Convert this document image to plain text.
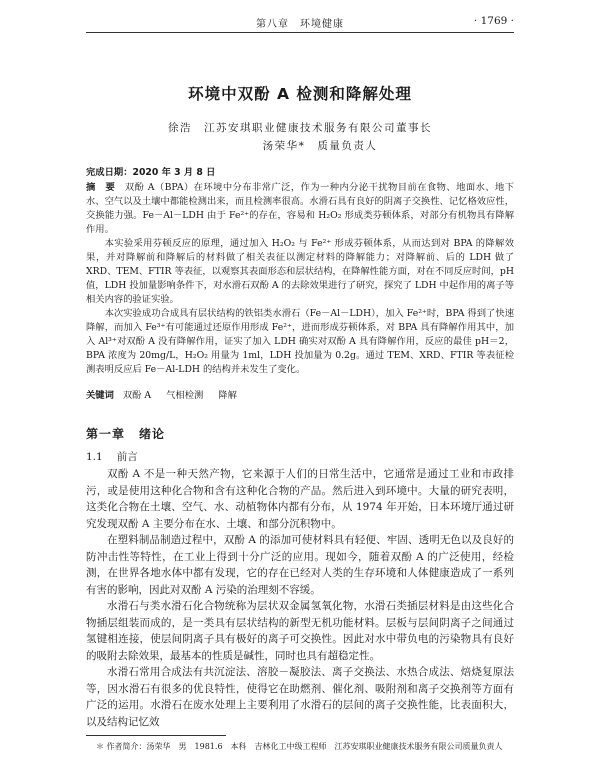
第八章　环境健康	· 1769 ·
环境中双酚 A 检测和降解处理
徐浩　江苏安琪职业健康技术服务有限公司董事长
汤荣华*　质量负责人
完成日期：2020 年 3 月 8 日

摘　要　 双酚 A（BPA）在环境中分布非常广泛，作为一种内分泌干扰物目前在食物、地面水、地下水、空气以及土壤中都能检测出来，而且检测率很高。水滑石具有良好的阴离子交换性、记忆格效应性，交换能力强。Fe－Al－LDH 由于 Fe²⁺的存在，容易和 H₂O₂ 形成类芬顿体系，对部分有机物具有降解作用。

本实验采用芬顿反应的原理，通过加入 H₂O₂ 与 Fe²⁺ 形成芬顿体系，从而达到对 BPA 的降解效果，并对降解前和降解后的材料做了相关表征以测定材料的降解能力；对降解前、后的 LDH 做了 XRD、TEM、FTIR 等表征，以观察其表面形态和层状结构，在降解性能方面，对在不同反应时间，pH 值，LDH 投加量影响条件下，对水滑石双酚 A 的去除效果进行了研究，探究了 LDH 中起作用的离子等相关内容的验证实验。

本次实验成功合成具有层状结构的铁铝类水滑石（Fe－Al－LDH），加入 Fe²⁺时，BPA 得到了快速降解，而加入 Fe³⁺有可能通过还原作用形成 Fe²⁺，进而形成芬顿体系，对 BPA 具有降解作用其中，加入 Al³⁺对双酚 A 没有降解作用，证实了加入 LDH 确实对双酚 A 具有降解作用，反应的最佳 pH＝2，BPA 浓度为 20mg/L，H₂O₂ 用量为 1ml，LDH 投加量为 0.2g。通过 TEM、XRD、FTIR 等表征检测表明反应后 Fe－Al-LDH 的结构并未发生了变化。

关键词 双酚 A 气相检测 降解
第一章 绪论
1.1 前言

双酚 A 不是一种天然产物，它来源于人们的日常生活中，它通常是通过工业和市政排污，或是使用这种化合物和含有这种化合物的产品。然后进入到环境中。大量的研究表明，这类化合物在土壤、空气、水、动植物体内都有分布，从 1974 年开始，日本环境厅通过研究发现双酚 A 主要分布在水、土壤、和部分沉积物中。

在塑料制品制造过程中，双酚 A 的添加可使材料具有轻便、牢固、透明无色以及良好的防冲击性等特性，在工业上得到十分广泛的应用。现如今，随着双酚 A 的广泛使用，经检测，在世界各地水体中都有发现，它的存在已经对人类的生存环境和人体健康造成了一系列有害的影响，因此对双酚 A 污染的治理刻不容缓。

水滑石与类水滑石化合物统称为层状双金属氢氧化物，水滑石类插层材料是由这些化合物插层组装而成的，是一类具有层状结构的新型无机功能材料。层板与层间阴离子之间通过氢键相连接，使层间阴离子具有极好的离子可交换性。因此对水中带负电的污染物具有良好的吸附去除效果，最基本的性质是碱性，同时也具有超稳定性。

水滑石常用合成法有共沉淀法、溶胶－凝胶法、离子交换法、水热合成法、焙烧复原法等，因水滑石有很多的优良特性，使得它在助燃剂、催化剂、吸附剂和离子交换剂等方面有广泛的运用。水滑石在废水处理上主要利用了水滑石的层间的离子交换性能，比表面积大，以及结构记忆效

＊ 作者简介：汤荣华　男　1981.6　本科　吉林化工中级工程师　江苏安琪职业健康技术服务有限公司质量负责人
